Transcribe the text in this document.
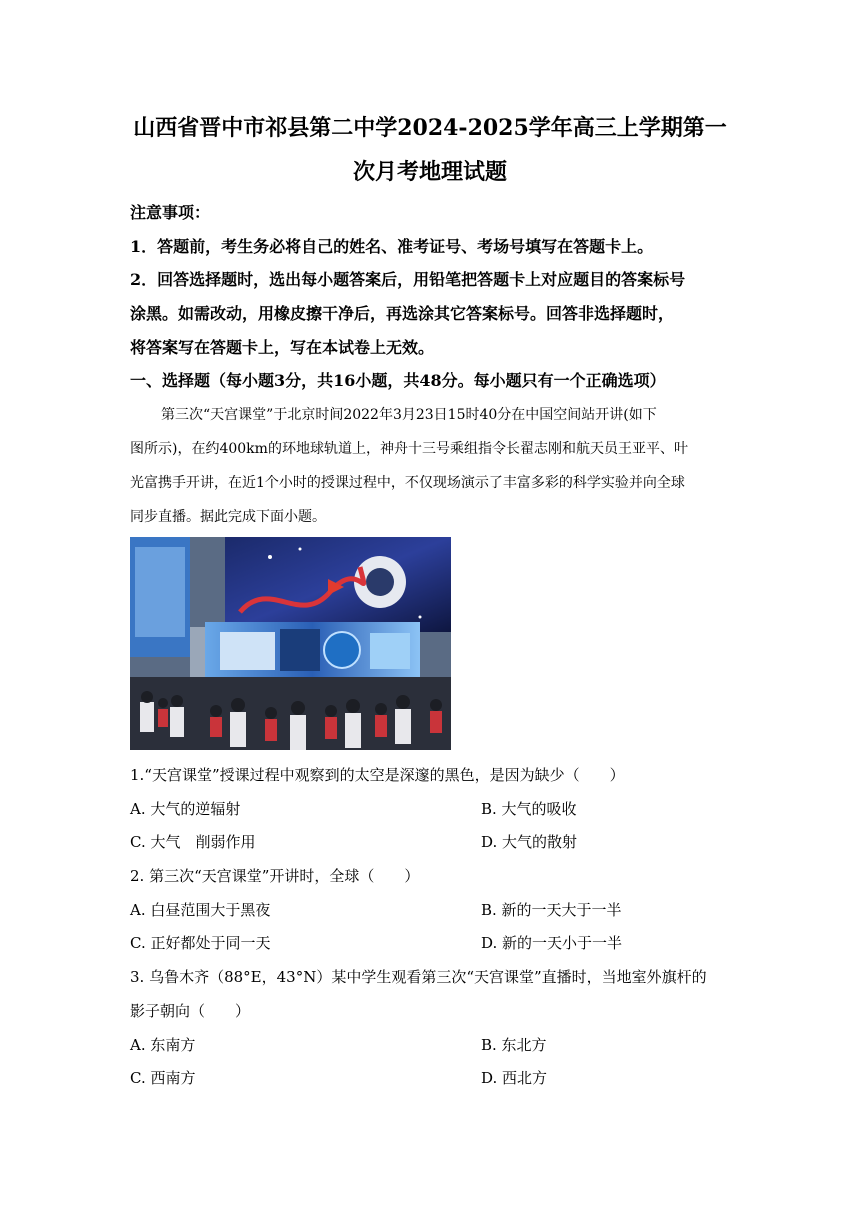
山西省晋中市祁县第二中学2024-2025学年高三上学期第一
次月考地理试题
注意事项：
1．答题前，考生务必将自己的姓名、准考证号、考场号填写在答题卡上。
2．回答选择题时，选出每小题答案后，用铅笔把答题卡上对应题目的答案标号
涂黑。如需改动，用橡皮擦干净后，再选涂其它答案标号。回答非选择题时，
将答案写在答题卡上，写在本试卷上无效。
一、选择题（每小题3分，共16小题，共48分。每小题只有一个正确选项）
第三次“天宫课堂”于北京时间2022年3月23日15时40分在中国空间站开讲(如下
图所示)，在约400km的环地球轨道上，神舟十三号乘组指令长翟志刚和航天员王亚平、叶
光富携手开讲，在近1个小时的授课过程中，不仅现场演示了丰富多彩的科学实验并向全球
同步直播。据此完成下面小题。
1.“天宫课堂”授课过程中观察到的太空是深邃的黑色，是因为缺少（　　）
A. 大气的逆辐射	B. 大气的吸收
C. 大气　削弱作用	D. 大气的散射
2. 第三次“天宫课堂”开讲时，全球（　　）
A. 白昼范围大于黑夜	B. 新的一天大于一半
C. 正好都处于同一天	D. 新的一天小于一半
3. 乌鲁木齐（88°E，43°N）某中学生观看第三次“天宫课堂”直播时，当地室外旗杆的
影子朝向（　　）
A. 东南方	B. 东北方
C. 西南方	D. 西北方
